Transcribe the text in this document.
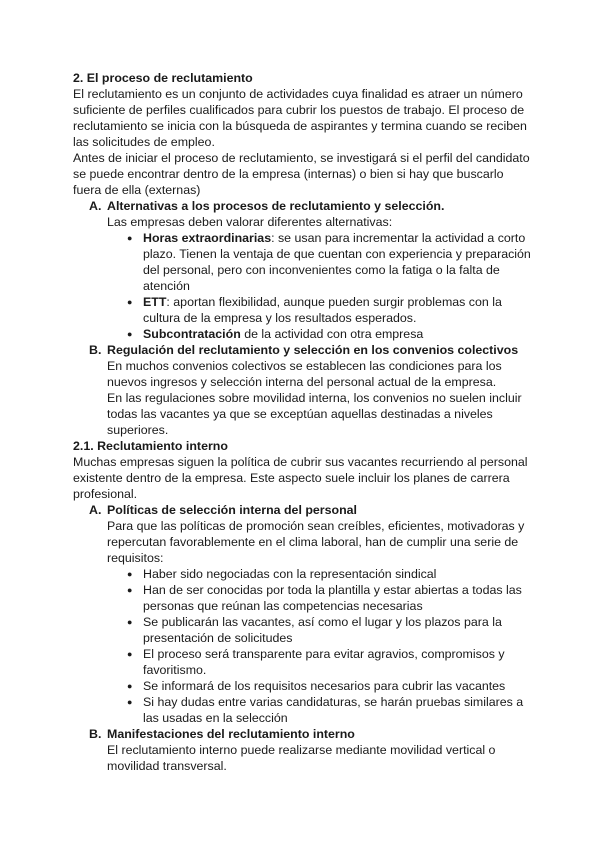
2. El proceso de reclutamiento

El reclutamiento es un conjunto de actividades cuya finalidad es atraer un número suficiente de perfiles cualificados para cubrir los puestos de trabajo. El proceso de reclutamiento se inicia con la búsqueda de aspirantes y termina cuando se reciben las solicitudes de empleo.

Antes de iniciar el proceso de reclutamiento, se investigará si el perfil del candidato se puede encontrar dentro de la empresa (internas) o bien si hay que buscarlo fuera de ella (externas)

A. Alternativas a los procesos de reclutamiento y selección.

Las empresas deben valorar diferentes alternativas:

● Horas extraordinarias: se usan para incrementar la actividad a corto plazo. Tienen la ventaja de que cuentan con experiencia y preparación del personal, pero con inconvenientes como la fatiga o la falta de atención
● ETT: aportan flexibilidad, aunque pueden surgir problemas con la cultura de la empresa y los resultados esperados.
● Subcontratación de la actividad con otra empresa
B. Regulación del reclutamiento y selección en los convenios colectivos

En muchos convenios colectivos se establecen las condiciones para los nuevos ingresos y selección interna del personal actual de la empresa.

En las regulaciones sobre movilidad interna, los convenios no suelen incluir todas las vacantes ya que se exceptúan aquellas destinadas a niveles superiores.

2.1. Reclutamiento interno

Muchas empresas siguen la política de cubrir sus vacantes recurriendo al personal existente dentro de la empresa. Este aspecto suele incluir los planes de carrera profesional.

A. Políticas de selección interna del personal

Para que las políticas de promoción sean creíbles, eficientes, motivadoras y repercutan favorablemente en el clima laboral, han de cumplir una serie de requisitos:

● Haber sido negociadas con la representación sindical
● Han de ser conocidas por toda la plantilla y estar abiertas a todas las personas que reúnan las competencias necesarias
● Se publicarán las vacantes, así como el lugar y los plazos para la presentación de solicitudes
● El proceso será transparente para evitar agravios, compromisos y favoritismo.
● Se informará de los requisitos necesarios para cubrir las vacantes
● Si hay dudas entre varias candidaturas, se harán pruebas similares a las usadas en la selección
B. Manifestaciones del reclutamiento interno

El reclutamiento interno puede realizarse mediante movilidad vertical o movilidad transversal.
